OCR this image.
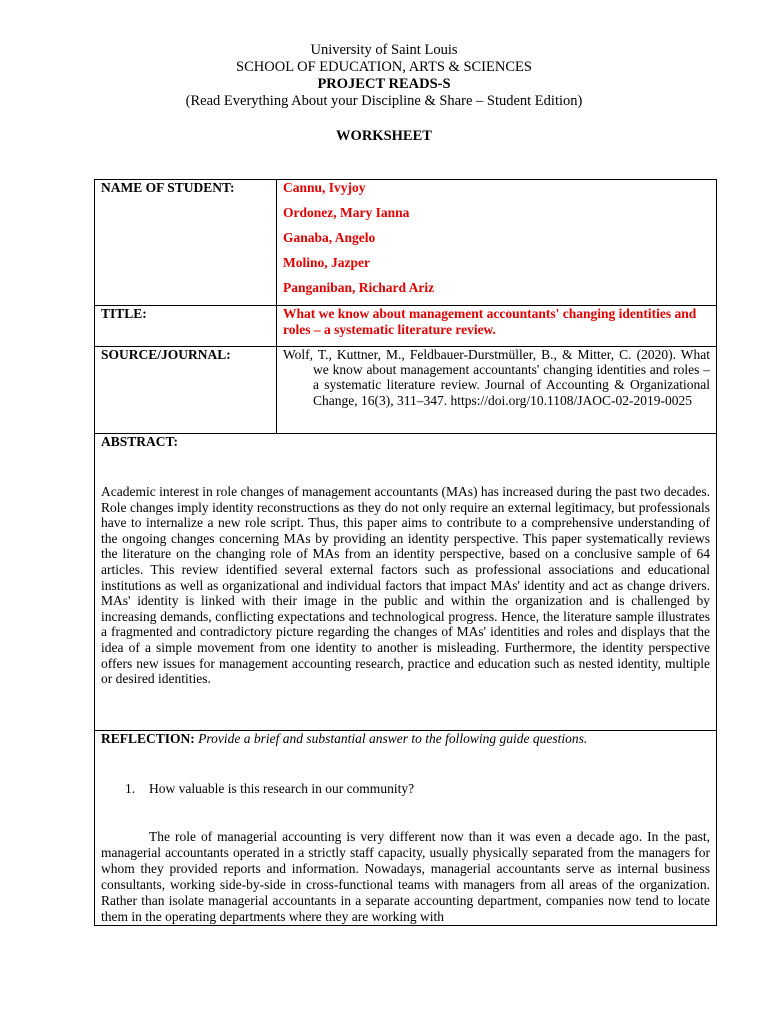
University of Saint Louis
SCHOOL OF EDUCATION, ARTS & SCIENCES
PROJECT READS-S
(Read Everything About your Discipline & Share – Student Edition)
WORKSHEET
NAME OF STUDENT:	Cannu, Ivyjoy
Ordonez, Mary Ianna
Ganaba, Angelo
Molino, Jazper
Panganiban, Richard Ariz

TITLE:	What we know about management accountants' changing identities and roles – a systematic literature review.
SOURCE/JOURNAL:	Wolf, T., Kuttner, M., Feldbauer-Durstmüller, B., & Mitter, C. (2020). What we know about management accountants' changing identities and roles – a systematic literature review. Journal of Accounting & Organizational Change, 16(3), 311–347. https://doi.org/10.1108/JAOC-02-2019-0025

ABSTRACT:
Academic interest in role changes of management accountants (MAs) has increased during the past two decades. Role changes imply identity reconstructions as they do not only require an external legitimacy, but professionals have to internalize a new role script. Thus, this paper aims to contribute to a comprehensive understanding of the ongoing changes concerning MAs by providing an identity perspective. This paper systematically reviews the literature on the changing role of MAs from an identity perspective, based on a conclusive sample of 64 articles. This review identified several external factors such as professional associations and educational institutions as well as organizational and individual factors that impact MAs' identity and act as change drivers. MAs' identity is linked with their image in the public and within the organization and is challenged by increasing demands, conflicting expectations and technological progress. Hence, the literature sample illustrates a fragmented and contradictory picture regarding the changes of MAs' identities and roles and displays that the idea of a simple movement from one identity to another is misleading. Furthermore, the identity perspective offers new issues for management accounting research, practice and education such as nested identity, multiple or desired identities.	

REFLECTION: Provide a brief and substantial answer to the following guide questions.
1. How valuable is this research in our community?
The role of managerial accounting is very different now than it was even a decade ago. In the past, managerial accountants operated in a strictly staff capacity, usually physically separated from the managers for whom they provided reports and information. Nowadays, managerial accountants serve as internal business consultants, working side-by-side in cross-functional teams with managers from all areas of the organization. Rather than isolate managerial accountants in a separate accounting department, companies now tend to locate them in the operating departments where they are working with	
